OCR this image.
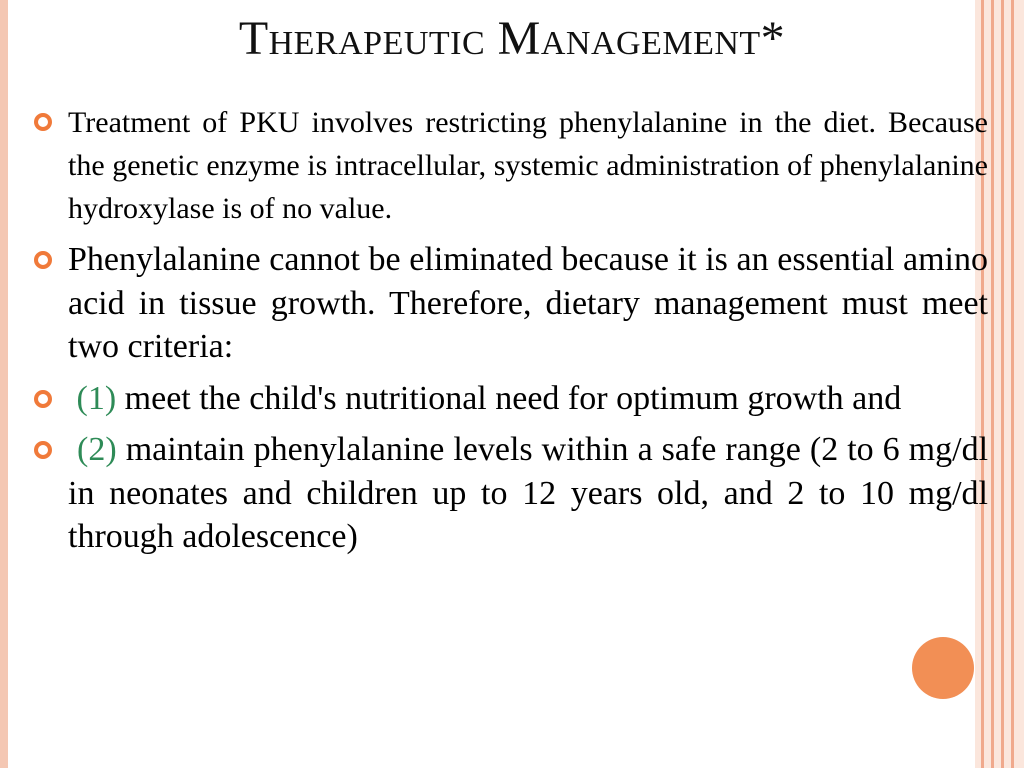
Therapeutic Management*
Treatment of PKU involves restricting phenylalanine in the diet. Because the genetic enzyme is intracellular, systemic administration of phenylalanine hydroxylase is of no value.
Phenylalanine cannot be eliminated because it is an essential amino acid in tissue growth. Therefore, dietary management must meet two criteria:
(1) meet the child's nutritional need for optimum growth and
(2) maintain phenylalanine levels within a safe range (2 to 6 mg/dl in neonates and children up to 12 years old, and 2 to 10 mg/dl through adolescence)
